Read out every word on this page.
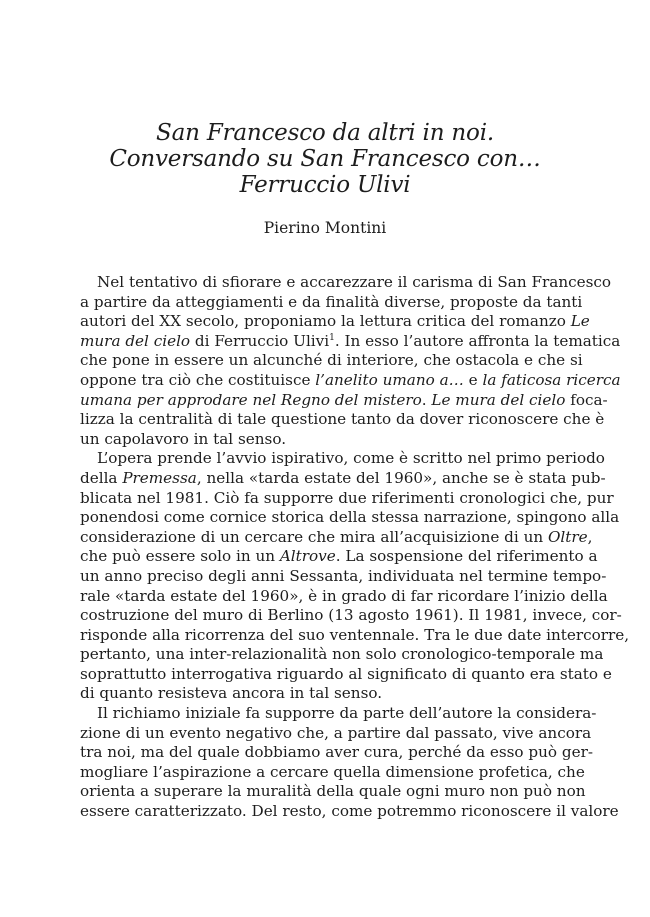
San Francesco da altri in noi.
Conversando su San Francesco con…
Ferruccio Ulivi
Pierino Montini
Nel tentativo di sfiorare e accarezzare il carisma di San Francesco
a partire da atteggiamenti e da finalità diverse, proposte da tanti
autori del XX secolo, proponiamo la lettura critica del romanzo Le
mura del cielo di Ferruccio Ulivi$^1$. In esso l’autore affronta la tematica
che pone in essere un alcunché di interiore, che ostacola e che si
oppone tra ciò che costituisce l’anelito umano a… e la faticosa ricerca
umana per approdare nel Regno del mistero. Le mura del cielo foca-
lizza la centralità di tale questione tanto da dover riconoscere che è
un capolavoro in tal senso.
L’opera prende l’avvio ispirativo, come è scritto nel primo periodo
della Premessa, nella «tarda estate del 1960», anche se è stata pub-
blicata nel 1981. Ciò fa supporre due riferimenti cronologici che, pur
ponendosi come cornice storica della stessa narrazione, spingono alla
considerazione di un cercare che mira all’acquisizione di un Oltre,
che può essere solo in un Altrove. La sospensione del riferimento a
un anno preciso degli anni Sessanta, individuata nel termine tempo-
rale «tarda estate del 1960», è in grado di far ricordare l’inizio della
costruzione del muro di Berlino (13 agosto 1961). Il 1981, invece, cor-
risponde alla ricorrenza del suo ventennale. Tra le due date intercorre,
pertanto, una inter-relazionalità non solo cronologico-temporale ma
soprattutto interrogativa riguardo al significato di quanto era stato e
di quanto resisteva ancora in tal senso.
Il richiamo iniziale fa supporre da parte dell’autore la considera-
zione di un evento negativo che, a partire dal passato, vive ancora
tra noi, ma del quale dobbiamo aver cura, perché da esso può ger-
mogliare l’aspirazione a cercare quella dimensione profetica, che
orienta a superare la muralità della quale ogni muro non può non
essere caratterizzato. Del resto, come potremmo riconoscere il valore
